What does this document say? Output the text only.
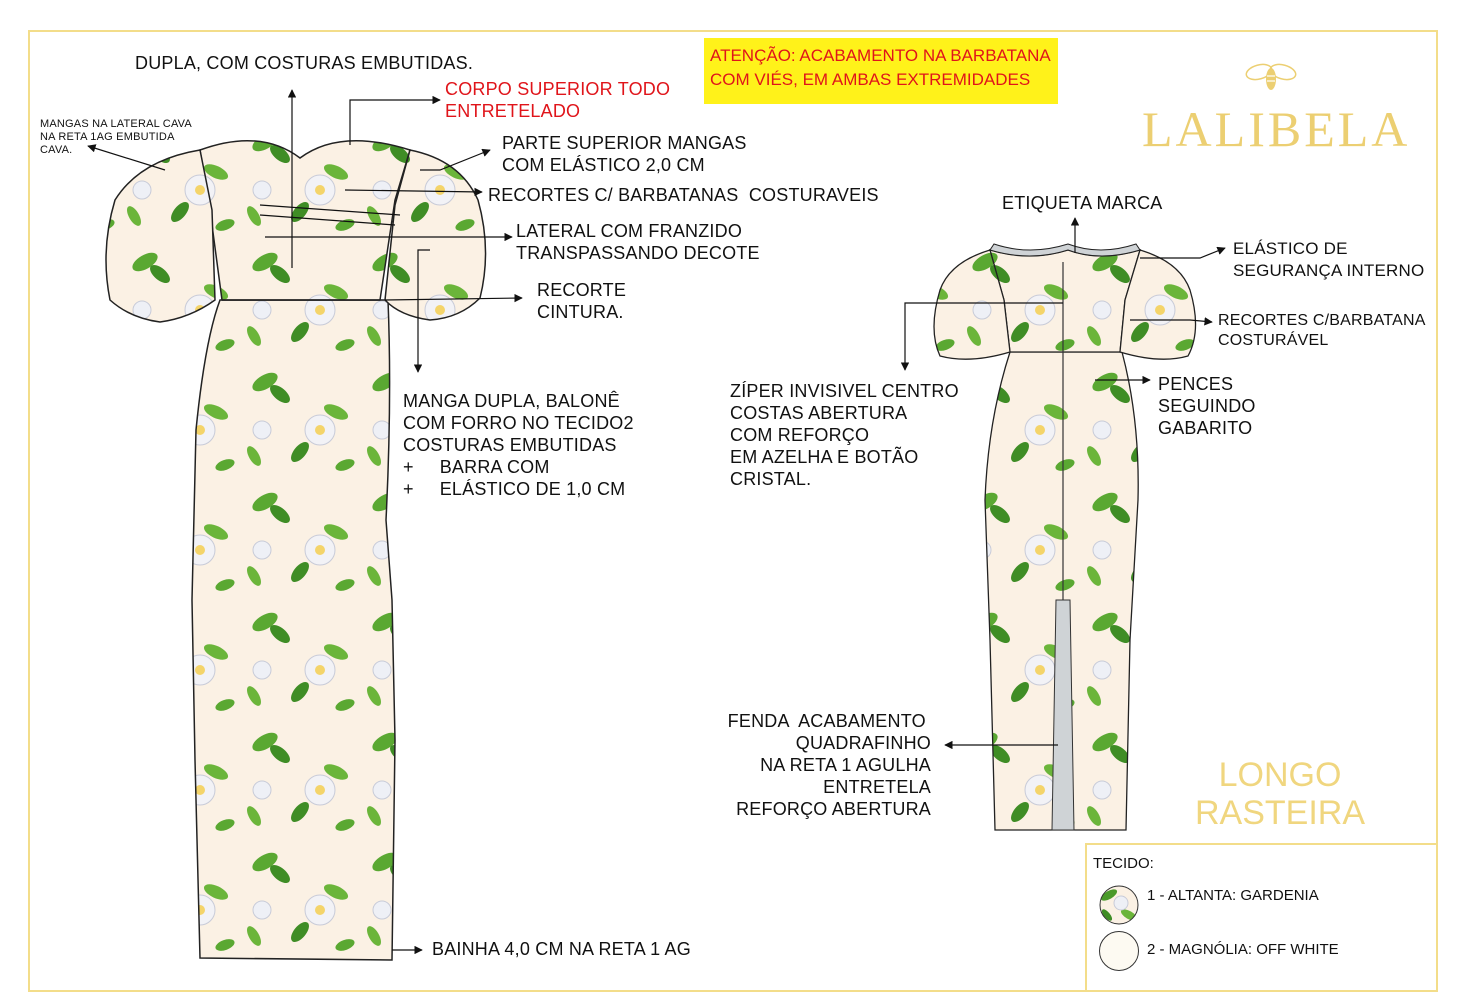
DUPLA, COM COSTURAS EMBUTIDAS.
MANGAS NA LATERAL CAVA
NA RETA 1AG EMBUTIDA
CAVA.
CORPO SUPERIOR TODO
ENTRETELADO
PARTE SUPERIOR MANGAS
COM ELÁSTICO 2,0 CM
RECORTES C/ BARBATANAS  COSTURAVEIS
LATERAL COM FRANZIDO
TRANSPASSANDO DECOTE
RECORTE
CINTURA.
MANGA DUPLA, BALONÊ
COM FORRO NO TECIDO2
COSTURAS EMBUTIDAS
+     BARRA COM
+     ELÁSTICO DE 1,0 CM
BAINHA 4,0 CM NA RETA 1 AG
ATENÇÃO: ACABAMENTO NA BARBATANA
COM VIÉS, EM AMBAS EXTREMIDADES
LALIBELA
ETIQUETA MARCA
ELÁSTICO DE
SEGURANÇA INTERNO
RECORTES C/BARBATANA
COSTURÁVEL
ZÍPER INVISIVEL CENTRO
COSTAS ABERTURA
COM REFORÇO
EM AZELHA E BOTÃO
CRISTAL.
PENCES
SEGUINDO
GABARITO
FENDA  ACABAMENTO
QUADRAFINHO
NA RETA 1 AGULHA
ENTRETELA
REFORÇO ABERTURA
LONGO
RASTEIRA
TECIDO:
1 - ALTANTA: GARDENIA
2 - MAGNÓLIA: OFF WHITE
